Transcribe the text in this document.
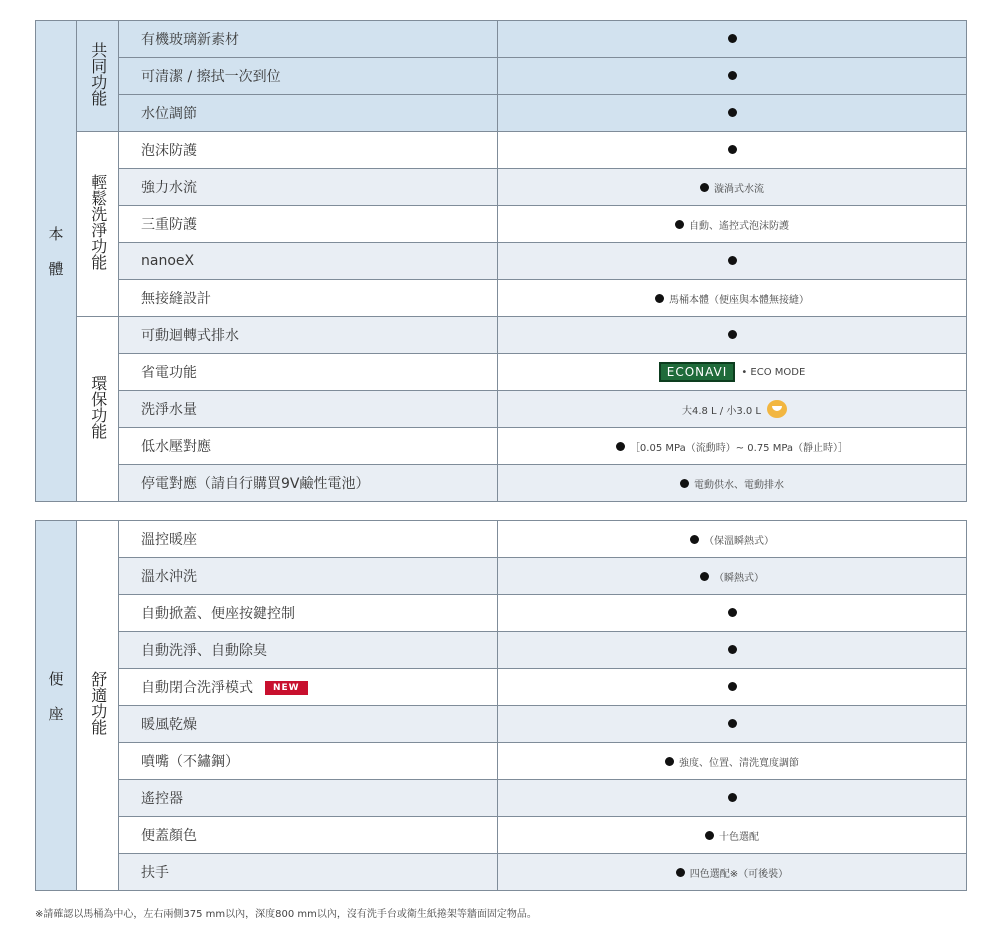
本體	共同功能	有機玻璃新素材	
		可清潔 / 擦拭一次到位	
		水位調節	
	輕鬆洗淨功能	泡沫防護	
		強力水流	漩渦式水流
		三重防護	自動、遙控式泡沫防護
		nanoeX	
		無接縫設計	馬桶本體（便座與本體無接縫）
	環保功能	可動迴轉式排水	
		省電功能	ECONAVI • ECO MODE
		洗淨水量	大4.8 L / 小3.0 L
		低水壓對應	［0.05 MPa（流動時）~ 0.75 MPa（靜止時）］
		停電對應（請自行購買9V鹼性電池）	電動供水、電動排水
便座	舒適功能	溫控暖座	（保溫瞬熱式）
		溫水沖洗	（瞬熱式）
		自動掀蓋、便座按鍵控制	
		自動洗淨、自動除臭	
		自動閉合洗淨模式 NEW	
		暖風乾燥	
		噴嘴（不鏽鋼）	強度、位置、清洗寬度調節
		遙控器	
		便蓋顏色	十色選配
		扶手	四色選配※（可後裝）
※請確認以馬桶為中心，左右兩側375 mm以內，深度800 mm以內，沒有洗手台或衛生紙捲架等牆面固定物品。
